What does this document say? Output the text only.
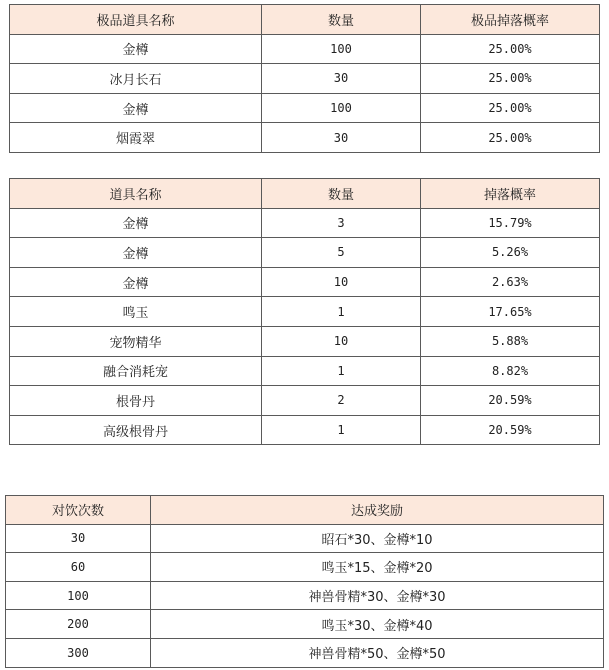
极品道具名称	数量	极品掉落概率
金樽	100	25.00%
冰月长石	30	25.00%
金樽	100	25.00%
烟霞翠	30	25.00%
道具名称	数量	掉落概率
金樽	3	15.79%
金樽	5	5.26%
金樽	10	2.63%
鸣玉	1	17.65%
宠物精华	10	5.88%
融合消耗宠	1	8.82%
根骨丹	2	20.59%
高级根骨丹	1	20.59%
对饮次数	达成奖励
30	昭石*30、金樽*10
60	鸣玉*15、金樽*20
100	神兽骨精*30、金樽*30
200	鸣玉*30、金樽*40
300	神兽骨精*50、金樽*50
